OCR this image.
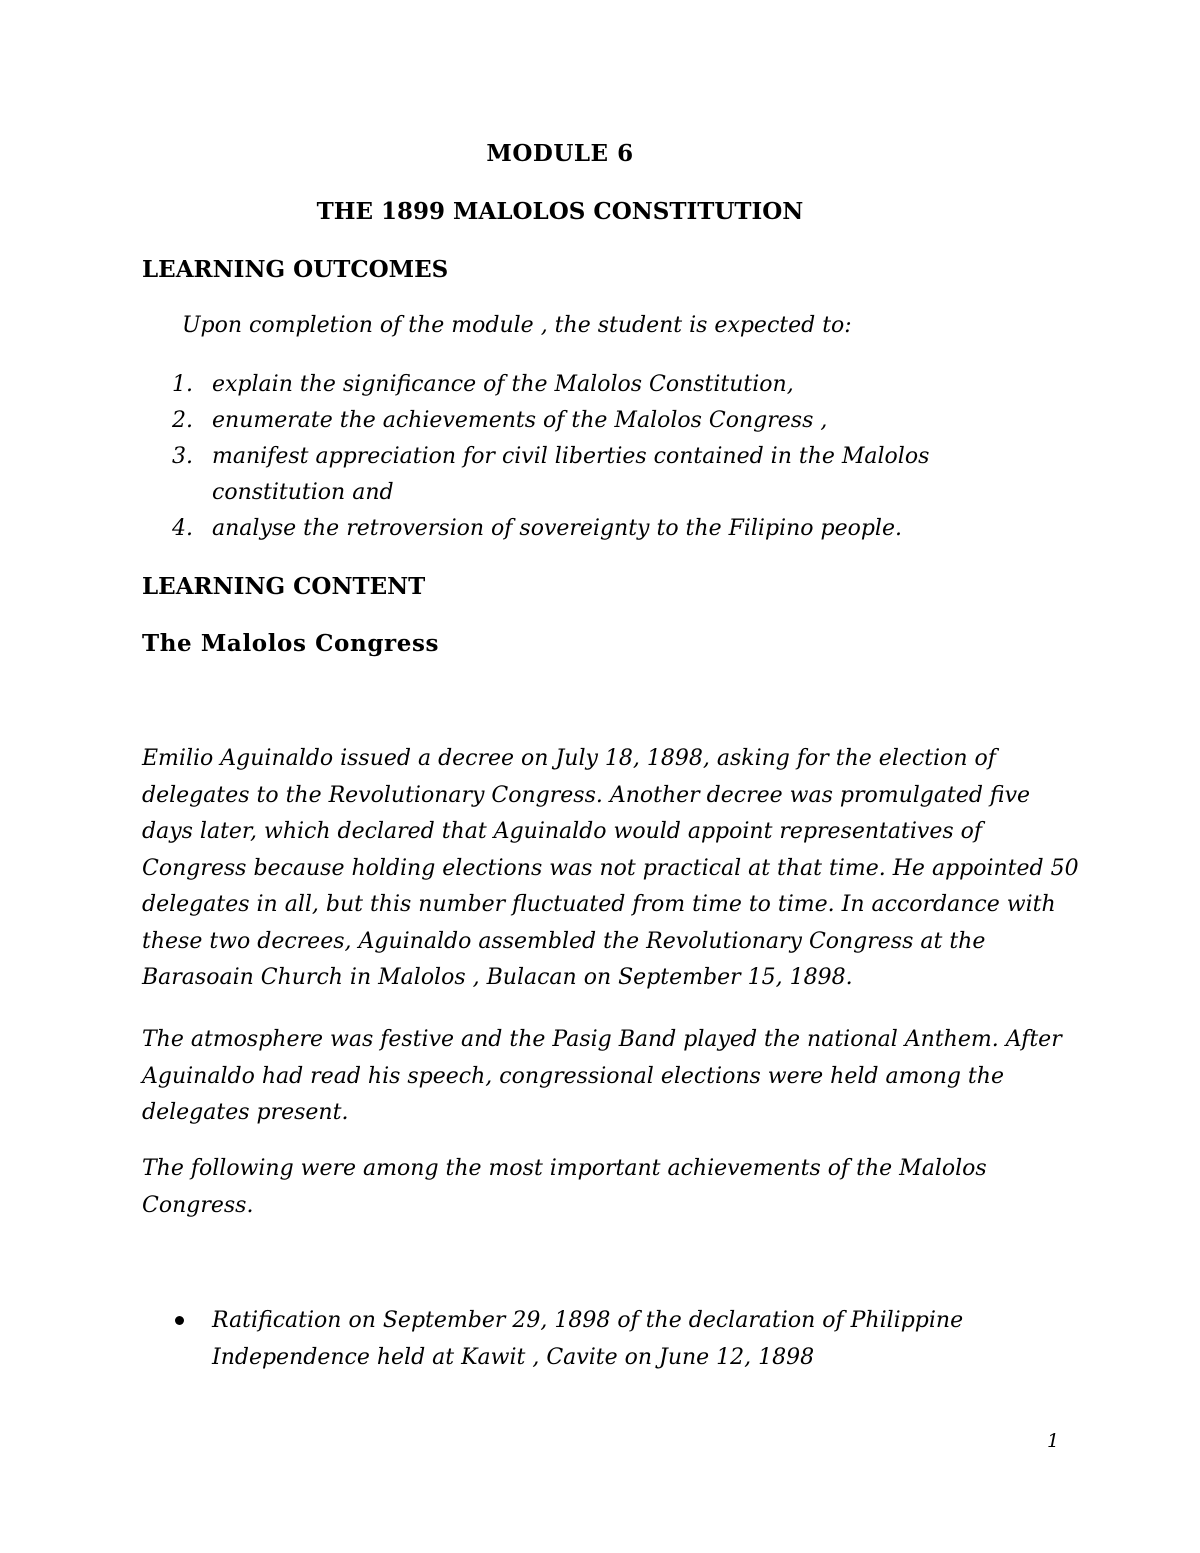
MODULE 6
THE 1899 MALOLOS CONSTITUTION
LEARNING OUTCOMES
Upon completion of the module , the student is expected to:
1. explain the significance of the Malolos Constitution,
2. enumerate the achievements of the Malolos Congress ,
3. manifest appreciation for civil liberties contained in the Malolos constitution and
4. analyse the retroversion of sovereignty to the Filipino people.
LEARNING CONTENT
The Malolos Congress

Emilio Aguinaldo issued a decree on July 18, 1898, asking for the election of delegates to the Revolutionary Congress. Another decree was promulgated five days later, which declared that Aguinaldo would appoint representatives of Congress because holding elections was not practical at that time. He appointed 50 delegates in all, but this number fluctuated from time to time. In accordance with these two decrees, Aguinaldo assembled the Revolutionary Congress at the Barasoain Church in Malolos , Bulacan on September 15, 1898.

The atmosphere was festive and the Pasig Band played the national Anthem. After Aguinaldo had read his speech, congressional elections were held among the delegates present.

The following were among the most important achievements of the Malolos Congress.

Ratification on September 29, 1898 of the declaration of Philippine Independence held at Kawit , Cavite on June 12, 1898
1
